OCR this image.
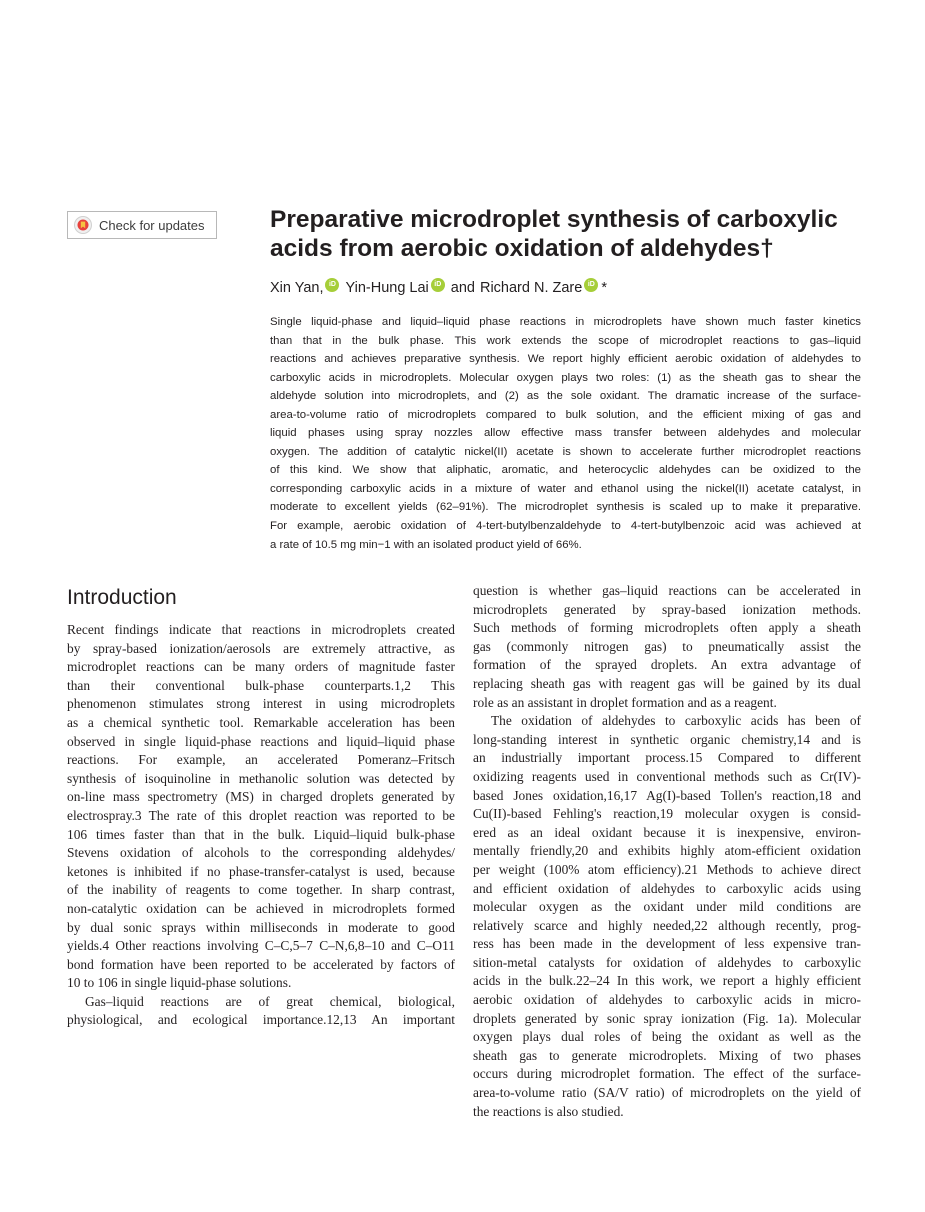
Check for updates	Preparative microdroplet synthesis of carboxylic
acids from aerobic oxidation of aldehydes†
Xin Yan, iD Yin-Hung Lai iD and Richard N. Zare iD *

Single liquid-phase and liquid–liquid phase reactions in microdroplets have shown much faster kinetics
than that in the bulk phase. This work extends the scope of microdroplet reactions to gas–liquid
reactions and achieves preparative synthesis. We report highly efficient aerobic oxidation of aldehydes to
carboxylic acids in microdroplets. Molecular oxygen plays two roles: (1) as the sheath gas to shear the
aldehyde solution into microdroplets, and (2) as the sole oxidant. The dramatic increase of the surface-
area-to-volume ratio of microdroplets compared to bulk solution, and the efficient mixing of gas and
liquid phases using spray nozzles allow effective mass transfer between aldehydes and molecular
oxygen. The addition of catalytic nickel(II) acetate is shown to accelerate further microdroplet reactions
of this kind. We show that aliphatic, aromatic, and heterocyclic aldehydes can be oxidized to the
corresponding carboxylic acids in a mixture of water and ethanol using the nickel(II) acetate catalyst, in
moderate to excellent yields (62–91%). The microdroplet synthesis is scaled up to make it preparative.
For example, aerobic oxidation of 4-tert-butylbenzaldehyde to 4-tert-butylbenzoic acid was achieved at
a rate of 10.5 mg min−1 with an isolated product yield of 66%.

Introduction

Recent findings indicate that reactions in microdroplets created
by spray-based ionization/aerosols are extremely attractive, as
microdroplet reactions can be many orders of magnitude faster
than their conventional bulk-phase counterparts.1,2 This
phenomenon stimulates strong interest in using microdroplets
as a chemical synthetic tool. Remarkable acceleration has been
observed in single liquid-phase reactions and liquid–liquid phase
reactions. For example, an accelerated Pomeranz–Fritsch
synthesis of isoquinoline in methanolic solution was detected by
on-line mass spectrometry (MS) in charged droplets generated by
electrospray.3 The rate of this droplet reaction was reported to be
106 times faster than that in the bulk. Liquid–liquid bulk-phase
Stevens oxidation of alcohols to the corresponding aldehydes/
ketones is inhibited if no phase-transfer-catalyst is used, because
of the inability of reagents to come together. In sharp contrast,
non-catalytic oxidation can be achieved in microdroplets formed
by dual sonic sprays within milliseconds in moderate to good
yields.4 Other reactions involving C–C,5–7 C–N,6,8–10 and C–O11
bond formation have been reported to be accelerated by factors of
10 to 106 in single liquid-phase solutions.
Gas–liquid reactions are of great chemical, biological,
physiological, and ecological importance.12,13 An important

question is whether gas–liquid reactions can be accelerated in
microdroplets generated by spray-based ionization methods.
Such methods of forming microdroplets often apply a sheath
gas (commonly nitrogen gas) to pneumatically assist the
formation of the sprayed droplets. An extra advantage of
replacing sheath gas with reagent gas will be gained by its dual
role as an assistant in droplet formation and as a reagent.
The oxidation of aldehydes to carboxylic acids has been of
long-standing interest in synthetic organic chemistry,14 and is
an industrially important process.15 Compared to different
oxidizing reagents used in conventional methods such as Cr(IV)-
based Jones oxidation,16,17 Ag(I)-based Tollen's reaction,18 and
Cu(II)-based Fehling's reaction,19 molecular oxygen is consid-
ered as an ideal oxidant because it is inexpensive, environ-
mentally friendly,20 and exhibits highly atom-efficient oxidation
per weight (100% atom efficiency).21 Methods to achieve direct
and efficient oxidation of aldehydes to carboxylic acids using
molecular oxygen as the oxidant under mild conditions are
relatively scarce and highly needed,22 although recently, prog-
ress has been made in the development of less expensive tran-
sition-metal catalysts for oxidation of aldehydes to carboxylic
acids in the bulk.22–24 In this work, we report a highly efficient
aerobic oxidation of aldehydes to carboxylic acids in micro-
droplets generated by sonic spray ionization (Fig. 1a). Molecular
oxygen plays dual roles of being the oxidant as well as the
sheath gas to generate microdroplets. Mixing of two phases
occurs during microdroplet formation. The effect of the surface-
area-to-volume ratio (SA/V ratio) of microdroplets on the yield of
the reactions is also studied.
